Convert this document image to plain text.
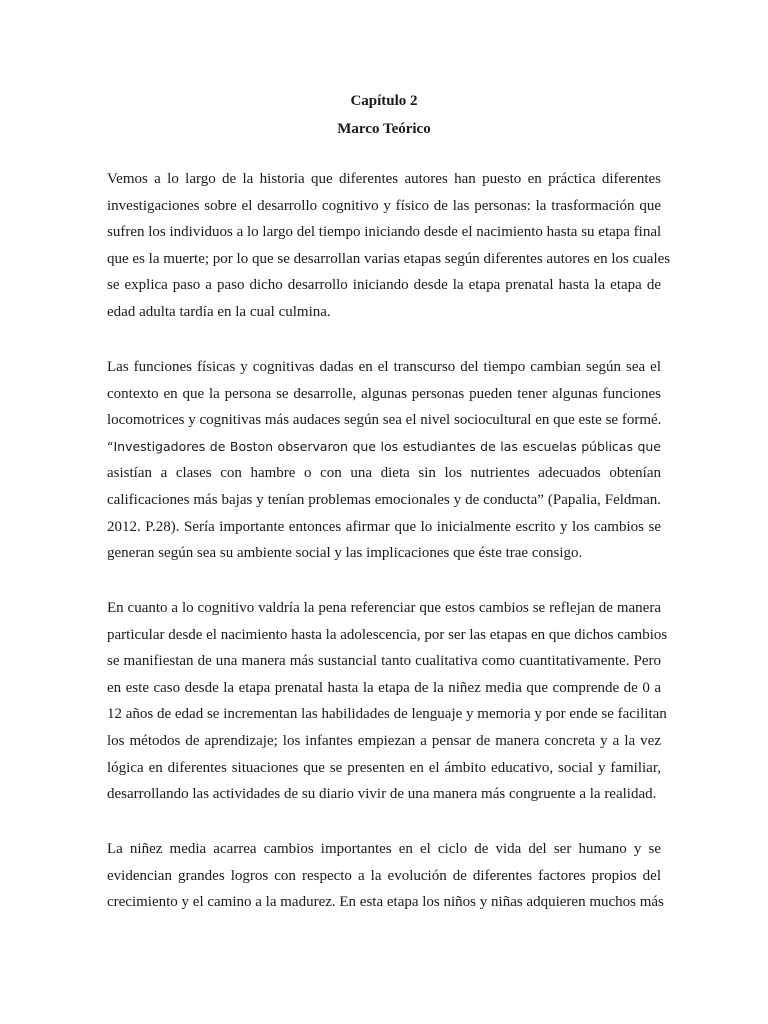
Capítulo 2
Marco Teórico

Vemos a lo largo de la historia que diferentes autores han puesto en práctica diferentes
investigaciones sobre el desarrollo cognitivo y físico de las personas: la trasformación que
sufren los individuos a lo largo del tiempo iniciando desde el nacimiento hasta su etapa final
que es la muerte; por lo que se desarrollan varias etapas según diferentes autores en los cuales
se explica paso a paso dicho desarrollo iniciando desde la etapa prenatal hasta la etapa de
edad adulta tardía en la cual culmina.

Las funciones físicas y cognitivas dadas en el transcurso del tiempo cambian según sea el
contexto en que la persona se desarrolle, algunas personas pueden tener algunas funciones
locomotrices y cognitivas más audaces según sea el nivel sociocultural en que este se formé.
“Investigadores de Boston observaron que los estudiantes de las escuelas públicas que
asistían a clases con hambre o con una dieta sin los nutrientes adecuados obtenían
calificaciones más bajas y tenían problemas emocionales y de conducta” (Papalia, Feldman.
2012. P.28). Sería importante entonces afirmar que lo inicialmente escrito y los cambios se
generan según sea su ambiente social y las implicaciones que éste trae consigo.

En cuanto a lo cognitivo valdría la pena referenciar que estos cambios se reflejan de manera
particular desde el nacimiento hasta la adolescencia, por ser las etapas en que dichos cambios
se manifiestan de una manera más sustancial tanto cualitativa como cuantitativamente. Pero
en este caso desde la etapa prenatal hasta la etapa de la niñez media que comprende de 0 a
12 años de edad se incrementan las habilidades de lenguaje y memoria y por ende se facilitan
los métodos de aprendizaje; los infantes empiezan a pensar de manera concreta y a la vez
lógica en diferentes situaciones que se presenten en el ámbito educativo, social y familiar,
desarrollando las actividades de su diario vivir de una manera más congruente a la realidad.

La niñez media acarrea cambios importantes en el ciclo de vida del ser humano y se
evidencian grandes logros con respecto a la evolución de diferentes factores propios del
crecimiento y el camino a la madurez. En esta etapa los niños y niñas adquieren muchos más
